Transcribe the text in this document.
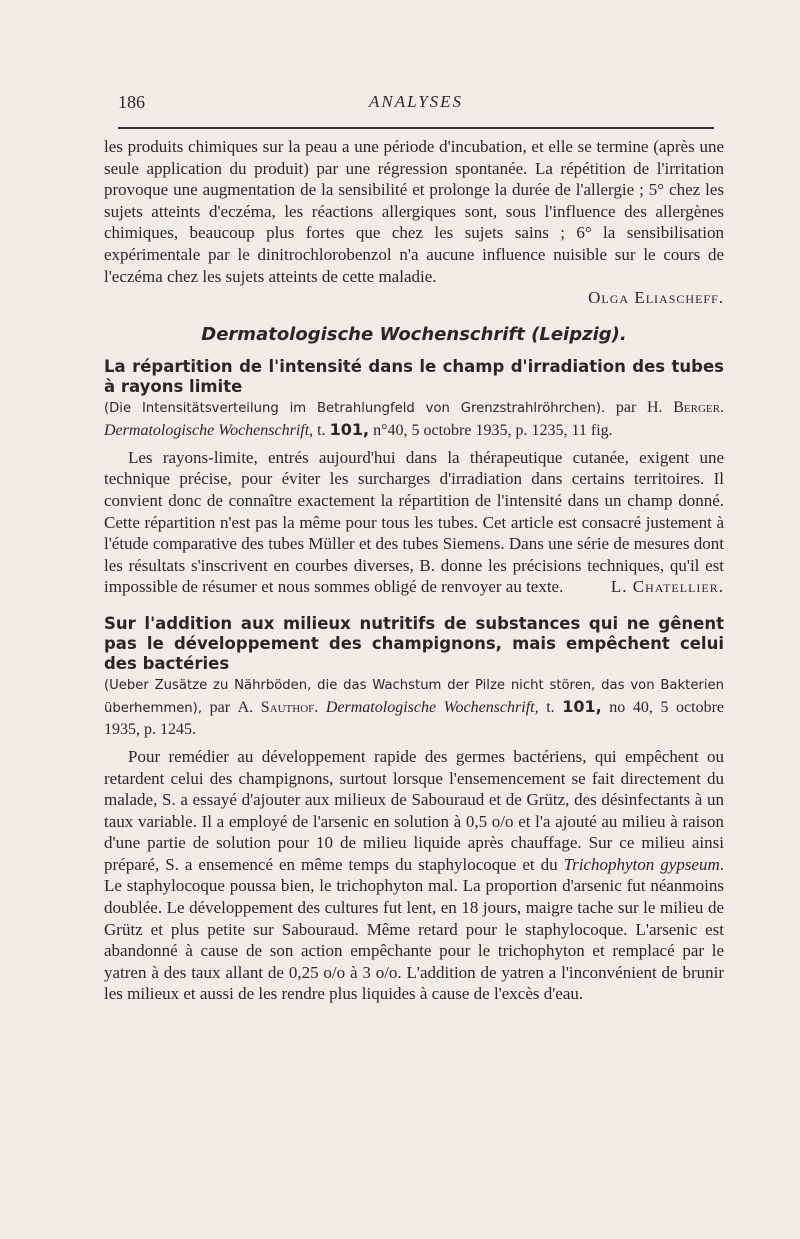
186	ANALYSES

les produits chimiques sur la peau a une période d'incubation, et elle se termine (après une seule application du produit) par une régression spontanée. La répétition de l'irritation provoque une augmentation de la sensibilité et prolonge la durée de l'allergie ; 5° chez les sujets atteints d'eczéma, les réactions allergiques sont, sous l'influence des allergènes chimiques, beaucoup plus fortes que chez les sujets sains ; 6° la sensibilisation expérimentale par le dinitrochlorobenzol n'a aucune influence nuisible sur le cours de l'eczéma chez les sujets atteints de cette maladie.

Olga Eliascheff.

Dermatologische Wochenschrift (Leipzig).

La répartition de l'intensité dans le champ d'irradiation des tubes à rayons limite

(Die Intensitätsverteilung im Betrahlungfeld von Grenzstrahlröhrchen). par H. Berger. Dermatologische Wochenschrift, t. 101, n°40, 5 octobre 1935, p. 1235, 11 fig.

Les rayons-limite, entrés aujourd'hui dans la thérapeutique cutanée, exigent une technique précise, pour éviter les surcharges d'irradiation dans certains territoires. Il convient donc de connaître exactement la répartition de l'intensité dans un champ donné. Cette répartition n'est pas la même pour tous les tubes. Cet article est consacré justement à l'étude comparative des tubes Müller et des tubes Siemens. Dans une série de mesures dont les résultats s'inscrivent en courbes diverses, B. donne les précisions techniques, qu'il est impossible de résumer et nous sommes obligé de renvoyer au texte.	L. Chatellier.

Sur l'addition aux milieux nutritifs de substances qui ne gênent pas le développement des champignons, mais empêchent celui des bactéries

(Ueber Zusätze zu Nährböden, die das Wachstum der Pilze nicht stören, das von Bakterien überhemmen), par A. Sauthof. Dermatologische Wochenschrift, t. 101, no 40, 5 octobre 1935, p. 1245.

Pour remédier au développement rapide des germes bactériens, qui empêchent ou retardent celui des champignons, surtout lorsque l'ensemencement se fait directement du malade, S. a essayé d'ajouter aux milieux de Sabouraud et de Grütz, des désinfectants à un taux variable. Il a employé de l'arsenic en solution à 0,5 o/o et l'a ajouté au milieu à raison d'une partie de solution pour 10 de milieu liquide après chauffage. Sur ce milieu ainsi préparé, S. a ensemencé en même temps du staphylocoque et du Trichophyton gypseum. Le staphylocoque poussa bien, le trichophyton mal. La proportion d'arsenic fut néanmoins doublée. Le développement des cultures fut lent, en 18 jours, maigre tache sur le milieu de Grütz et plus petite sur Sabouraud. Même retard pour le staphylocoque. L'arsenic est abandonné à cause de son action empêchante pour le trichophyton et remplacé par le yatren à des taux allant de 0,25 o/o à 3 o/o. L'addition de yatren a l'inconvénient de brunir les milieux et aussi de les rendre plus liquides à cause de l'excès d'eau.
